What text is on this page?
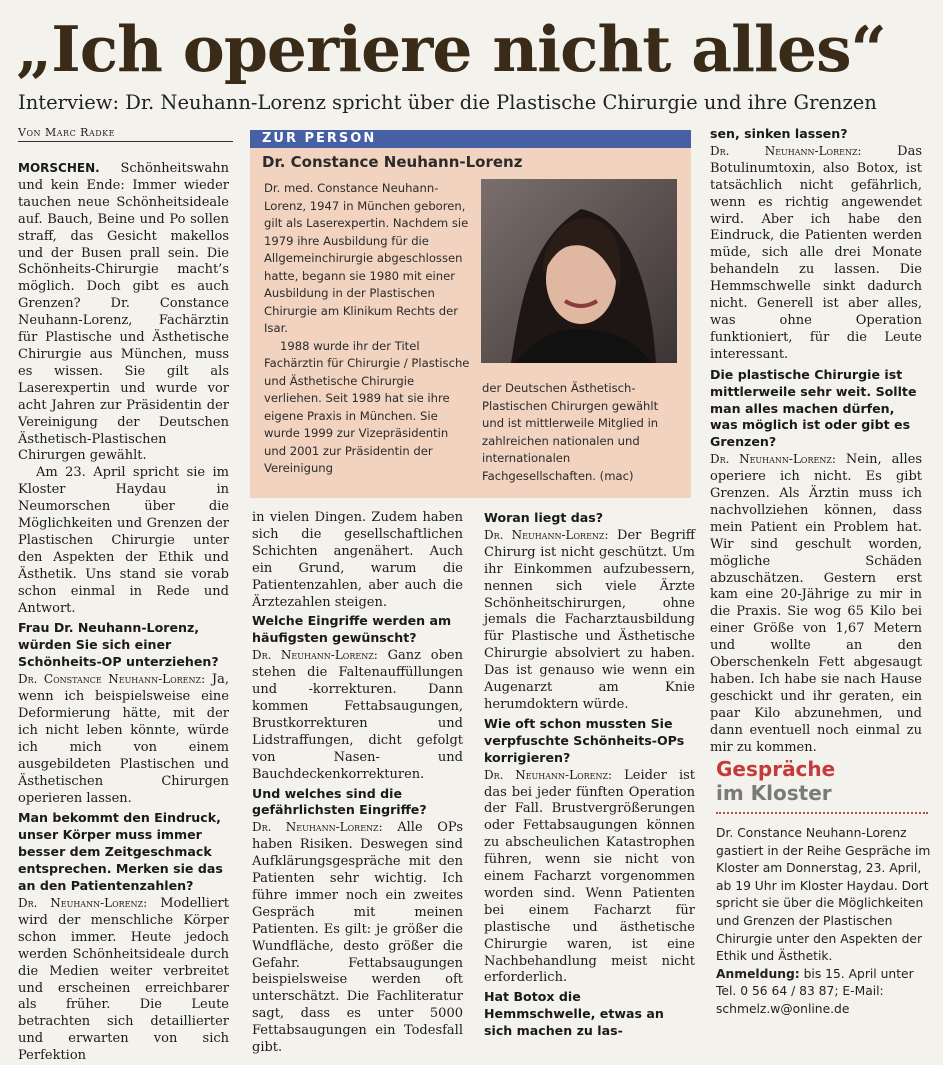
„Ich operiere nicht alles“
Interview: Dr. Neuhann-Lorenz spricht über die Plastische Chirurgie und ihre Grenzen
Von Marc Radke

MORSCHEN. Schönheitswahn und kein Ende: Immer wieder tauchen neue Schönheitsideale auf. Bauch, Beine und Po sollen straff, das Gesicht makellos und der Busen prall sein. Die Schönheits-Chirurgie macht’s möglich. Doch gibt es auch Grenzen? Dr. Constance Neuhann-Lorenz, Fachärztin für Plastische und Ästhetische Chirurgie aus München, muss es wissen. Sie gilt als Laserexpertin und wurde vor acht Jahren zur Präsidentin der Vereinigung der Deutschen Ästhetisch-Plastischen Chirurgen gewählt.

Am 23. April spricht sie im Kloster Haydau in Neumorschen über die Möglichkeiten und Grenzen der Plastischen Chirurgie unter den Aspekten der Ethik und Ästhetik. Uns stand sie vorab schon einmal in Rede und Antwort.

Frau Dr. Neuhann-Lorenz, würden Sie sich einer Schönheits-OP unterziehen?

Dr. Constance Neuhann-Lorenz: Ja, wenn ich beispielsweise eine Deformierung hätte, mit der ich nicht leben könnte, würde ich mich von einem ausgebildeten Plastischen und Ästhetischen Chirurgen operieren lassen.

Man bekommt den Eindruck, unser Körper muss immer besser dem Zeitgeschmack entsprechen. Merken sie das an den Patientenzahlen?

Dr. Neuhann-Lorenz: Modelliert wird der menschliche Körper schon immer. Heute jedoch werden Schönheitsideale durch die Medien weiter verbreitet und erscheinen erreichbarer als früher. Die Leute betrachten sich detaillierter und erwarten von sich Perfektion

ZUR PERSON
Dr. Constance Neuhann-Lorenz

Dr. med. Constance Neuhann-Lorenz, 1947 in München geboren, gilt als Laserexpertin. Nachdem sie 1979 ihre Ausbildung für die Allgemeinchirurgie abgeschlossen hatte, begann sie 1980 mit einer Ausbildung in der Plastischen Chirurgie am Klinikum Rechts der Isar.

1988 wurde ihr der Titel Fachärztin für Chirurgie / Plastische und Ästhetische Chirurgie verliehen. Seit 1989 hat sie ihre eigene Praxis in München. Sie wurde 1999 zur Vizepräsidentin und 2001 zur Präsidentin der Vereinigung

der Deutschen Ästhetisch-Plastischen Chirurgen gewählt und ist mittlerweile Mitglied in zahlreichen nationalen und internationalen Fachgesellschaften. (mac)

in vielen Dingen. Zudem haben sich die gesellschaftlichen Schichten angenähert. Auch ein Grund, warum die Patientenzahlen, aber auch die Ärztezahlen steigen.

Welche Eingriffe werden am häufigsten gewünscht?

Dr. Neuhann-Lorenz: Ganz oben stehen die Faltenauffüllungen und -korrekturen. Dann kommen Fettabsaugungen, Brustkorrekturen und Lidstraffungen, dicht gefolgt von Nasen- und Bauchdeckenkorrekturen.

Und welches sind die gefährlichsten Eingriffe?

Dr. Neuhann-Lorenz: Alle OPs haben Risiken. Deswegen sind Aufklärungsgespräche mit den Patienten sehr wichtig. Ich führe immer noch ein zweites Gespräch mit meinen Patienten. Es gilt: je größer die Wundfläche, desto größer die Gefahr. Fettabsaugungen beispielsweise werden oft unterschätzt. Die Fachliteratur sagt, dass es unter 5000 Fettabsaugungen ein Todesfall gibt.

Woran liegt das?

Dr. Neuhann-Lorenz: Der Begriff Chirurg ist nicht geschützt. Um ihr Einkommen aufzubessern, nennen sich viele Ärzte Schönheitschirurgen, ohne jemals die Facharztausbildung für Plastische und Ästhetische Chirurgie absolviert zu haben. Das ist genauso wie wenn ein Augenarzt am Knie herumdoktern würde.

Wie oft schon mussten Sie verpfuschte Schönheits-OPs korrigieren?

Dr. Neuhann-Lorenz: Leider ist das bei jeder fünften Operation der Fall. Brustvergrößerungen oder Fettabsaugungen können zu abscheulichen Katastrophen führen, wenn sie nicht von einem Facharzt vorgenommen worden sind. Wenn Patienten bei einem Facharzt für plastische und ästhetische Chirurgie waren, ist eine Nachbehandlung meist nicht erforderlich.

Hat Botox die Hemmschwelle, etwas an sich machen zu las-

sen, sinken lassen?

Dr. Neuhann-Lorenz:	Das Botulinumtoxin, also Botox, ist tatsächlich nicht gefährlich, wenn es richtig angewendet wird. Aber ich habe den Eindruck, die Patienten werden müde, sich alle drei Monate behandeln zu lassen. Die Hemmschwelle sinkt dadurch nicht. Generell ist aber alles, was ohne Operation funktioniert, für die Leute interessant.

Die plastische Chirurgie ist mittlerweile sehr weit. Sollte man alles machen dürfen, was möglich ist oder gibt es Grenzen?

Dr. Neuhann-Lorenz: Nein, alles operiere ich nicht. Es gibt Grenzen. Als Ärztin muss ich nachvollziehen können, dass mein Patient ein Problem hat. Wir sind geschult worden, mögliche Schäden abzuschätzen. Gestern erst kam eine 20-Jährige zu mir in die Praxis. Sie wog 65 Kilo bei einer Größe von 1,67 Metern und wollte an den Oberschenkeln Fett abgesaugt haben. Ich habe sie nach Hause geschickt und ihr geraten, ein paar Kilo abzunehmen, und dann eventuell noch einmal zu mir zu kommen.

Gespräche
im Kloster

Dr. Constance Neuhann-Lorenz gastiert in der Reihe Gespräche im Kloster am Donnerstag, 23. April, ab 19 Uhr im Kloster Haydau. Dort spricht sie über die Möglichkeiten und Grenzen der Plastischen Chirurgie unter den Aspekten der Ethik und Ästhetik.

Anmeldung: bis 15. April unter Tel. 0 56 64 / 83 87; E-Mail: schmelz.w@online.de
